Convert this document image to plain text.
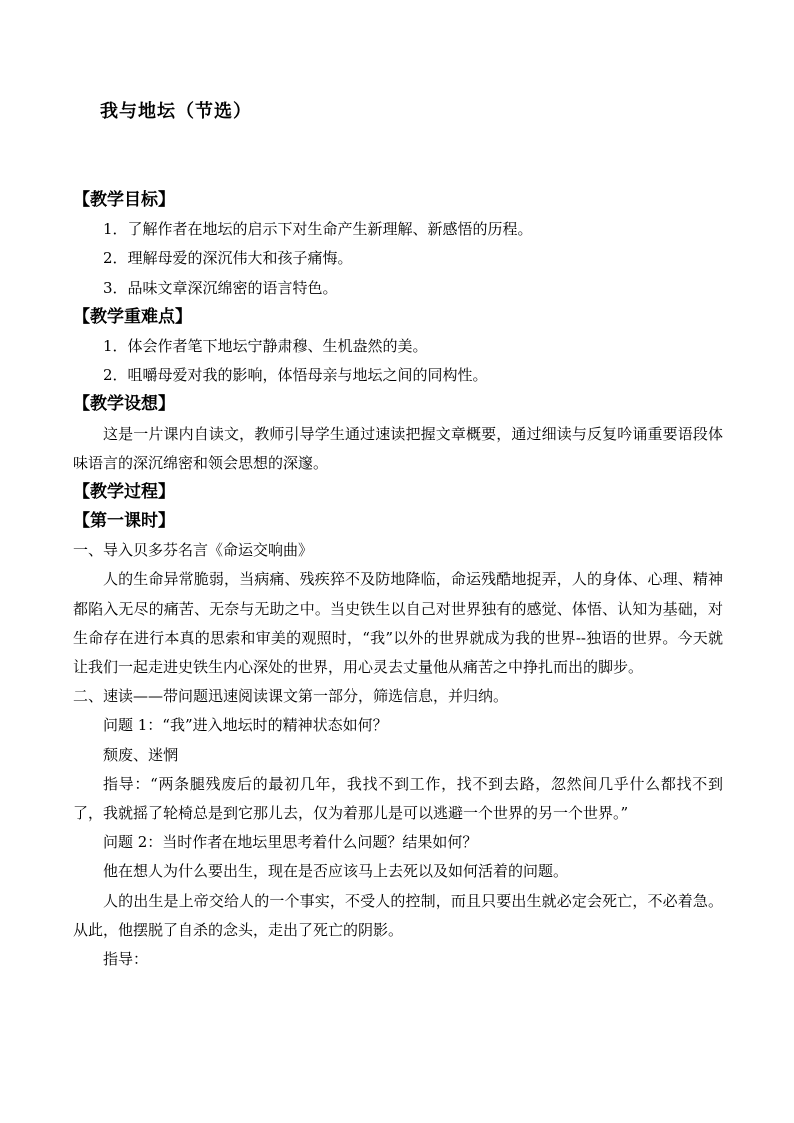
我与地坛（节选）
【教学目标】
1．了解作者在地坛的启示下对生命产生新理解、新感悟的历程。
2．理解母爱的深沉伟大和孩子痛悔。
3．品味文章深沉绵密的语言特色。
【教学重难点】
1．体会作者笔下地坛宁静肃穆、生机盎然的美。
2．咀嚼母爱对我的影响，体悟母亲与地坛之间的同构性。
【教学设想】

这是一片课内自读文，教师引导学生通过速读把握文章概要，通过细读与反复吟诵重要语段体味语言的深沉绵密和领会思想的深邃。

【教学过程】
【第一课时】
一、导入贝多芬名言《命运交响曲》

人的生命异常脆弱，当病痛、残疾猝不及防地降临，命运残酷地捉弄，人的身体、心理、精神都陷入无尽的痛苦、无奈与无助之中。当史铁生以自己对世界独有的感觉、体悟、认知为基础，对生命存在进行本真的思索和审美的观照时，“我”以外的世界就成为我的世界--独语的世界。今天就让我们一起走进史铁生内心深处的世界，用心灵去丈量他从痛苦之中挣扎而出的脚步。

二、速读——带问题迅速阅读课文第一部分，筛选信息，并归纳。
问题 1：“我”进入地坛时的精神状态如何？
颓废、迷惘

指导：“两条腿残废后的最初几年，我找不到工作，找不到去路，忽然间几乎什么都找不到了，我就摇了轮椅总是到它那儿去，仅为着那儿是可以逃避一个世界的另一个世界。”

问题 2：当时作者在地坛里思考着什么问题？结果如何？
他在想人为什么要出生，现在是否应该马上去死以及如何活着的问题。

人的出生是上帝交给人的一个事实，不受人的控制，而且只要出生就必定会死亡，不必着急。从此，他摆脱了自杀的念头，走出了死亡的阴影。

指导：
